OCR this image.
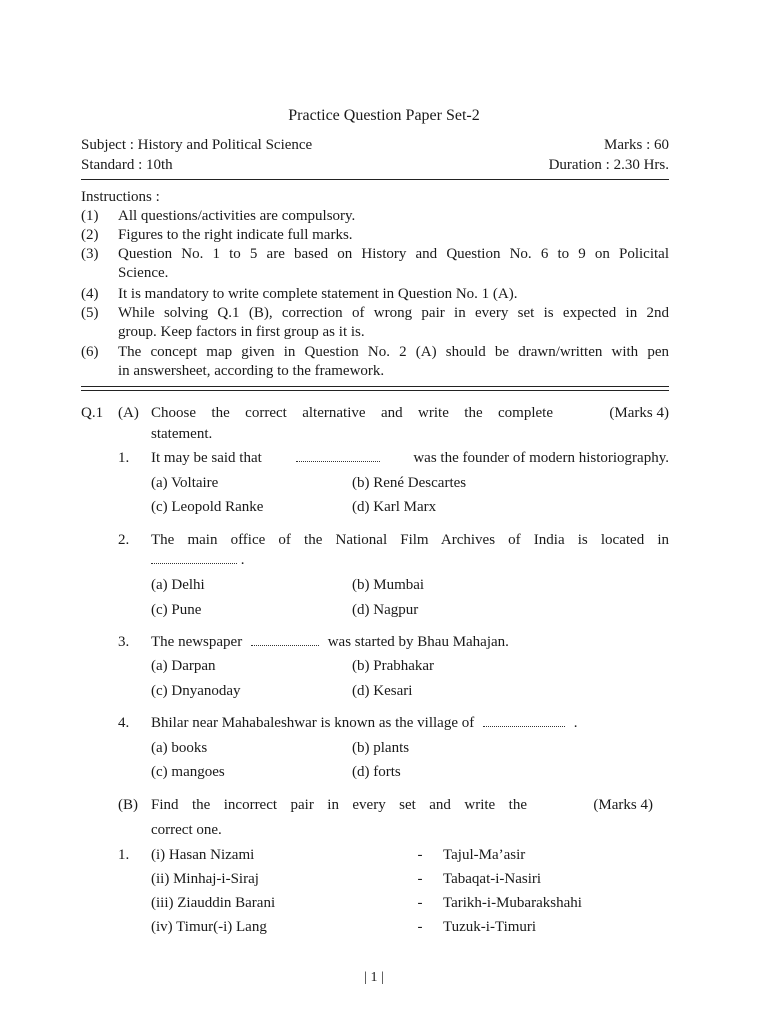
Practice Question Paper Set-2
Subject : History and Political Science	Marks : 60
Standard : 10th	Duration : 2.30 Hrs.
Instructions :
(1) All questions/activities are compulsory.
(2) Figures to the right indicate full marks.
(3) Question No. 1 to 5 are based on History and Question No. 6 to 9 on Policital
Science.
(4) It is mandatory to write complete statement in Question No. 1 (A).
(5) While solving Q.1 (B), correction of wrong pair in every set is expected in 2nd
group. Keep factors in first group as it is.
(6) The concept map given in Question No. 2 (A) should be drawn/written with pen
in answersheet, according to the framework.
Q.1 (A) Choose the correct alternative and write the complete	(Marks 4)
statement.
1. It may be said that	was the founder of modern historiography.
(a) Voltaire	(b) René Descartes
(c) Leopold Ranke	(d) Karl Marx
2. The main office of the National Film Archives of India is located in
.
(a) Delhi	(b) Mumbai
(c) Pune	(d) Nagpur
3. The newspaper	was started by Bhau Mahajan.
(a) Darpan	(b) Prabhakar
(c) Dnyanoday	(d) Kesari
4. Bhilar near Mahabaleshwar is known as the village of	.
(a) books	(b) plants
(c) mangoes	(d) forts
(B) Find the incorrect pair in every set and write the	(Marks 4)
correct one.
1. (i) Hasan Nizami	-	Tajul-Ma’asir
(ii) Minhaj-i-Siraj	-	Tabaqat-i-Nasiri
(iii) Ziauddin Barani	-	Tarikh-i-Mubarakshahi
(iv) Timur(-i) Lang	-	Tuzuk-i-Timuri
| 1 |
